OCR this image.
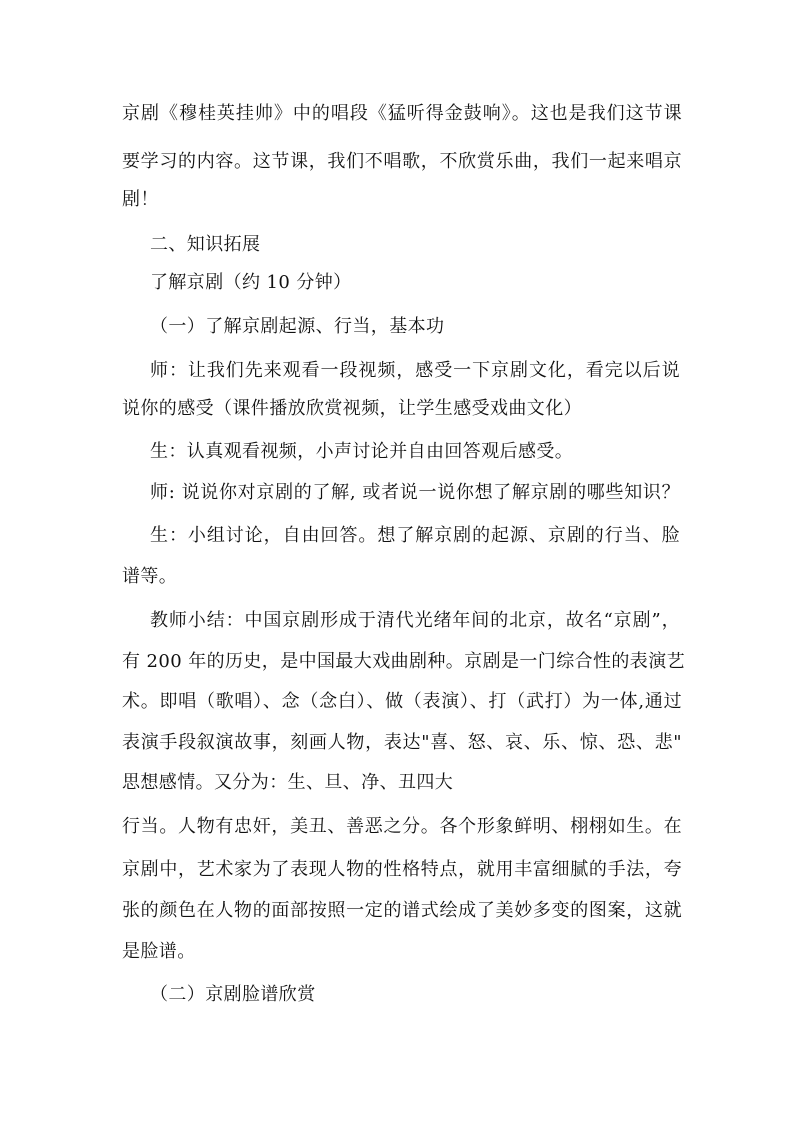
京剧《穆桂英挂帅》中的唱段《猛听得金鼓响》。这也是我们这节课
要学习的内容。这节课，我们不唱歌，不欣赏乐曲，我们一起来唱京
剧！
二、知识拓展
了解京剧（约 10 分钟）
（一）了解京剧起源、行当，基本功
师：让我们先来观看一段视频，感受一下京剧文化，看完以后说
说你的感受（课件播放欣赏视频，让学生感受戏曲文化）
生：认真观看视频，小声讨论并自由回答观后感受。
师: 说说你对京剧的了解, 或者说一说你想了解京剧的哪些知识？
生：小组讨论，自由回答。想了解京剧的起源、京剧的行当、脸
谱等。
教师小结：中国京剧形成于清代光绪年间的北京，故名“京剧”，
有 200 年的历史，是中国最大戏曲剧种。京剧是一门综合性的表演艺
术。即唱（歌唱）、念（念白）、做（表演）、打（武打）为一体,通过
表演手段叙演故事，刻画人物，表达"喜、怒、哀、乐、惊、恐、悲"
思想感情。又分为：生、旦、净、丑四大
行当。人物有忠奸，美丑、善恶之分。各个形象鲜明、栩栩如生。在
京剧中，艺术家为了表现人物的性格特点，就用丰富细腻的手法，夸
张的颜色在人物的面部按照一定的谱式绘成了美妙多变的图案，这就
是脸谱。
（二）京剧脸谱欣赏
